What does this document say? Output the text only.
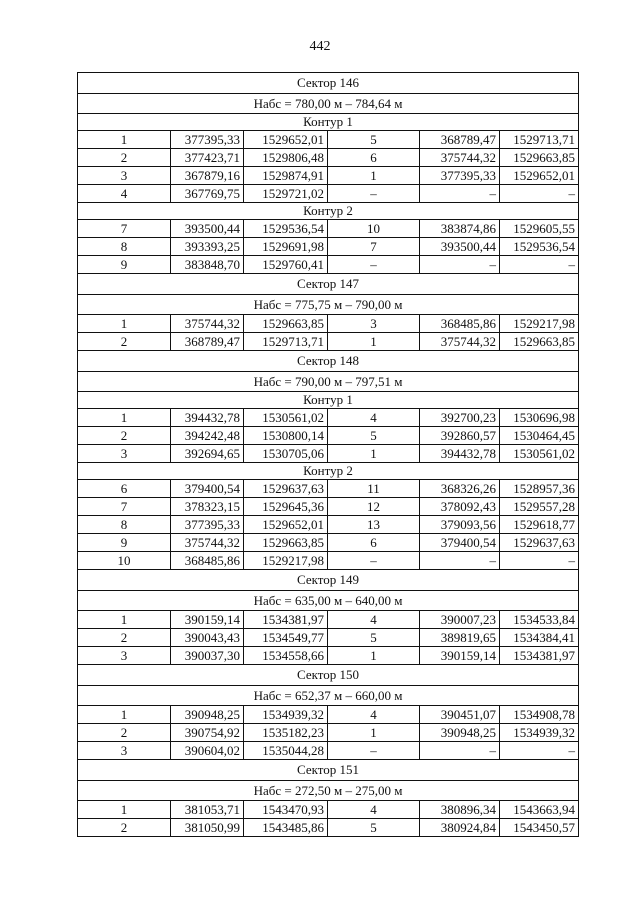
442
Сектор 146					
Набс = 780,00 м – 784,64 м					
Контур 1					
1	377395,33	1529652,01	5	368789,47	1529713,71
2	377423,71	1529806,48	6	375744,32	1529663,85
3	367879,16	1529874,91	1	377395,33	1529652,01
4	367769,75	1529721,02	–	–	–
Контур 2					
7	393500,44	1529536,54	10	383874,86	1529605,55
8	393393,25	1529691,98	7	393500,44	1529536,54
9	383848,70	1529760,41	–	–	–
Сектор 147					
Набс = 775,75 м – 790,00 м					
1	375744,32	1529663,85	3	368485,86	1529217,98
2	368789,47	1529713,71	1	375744,32	1529663,85
Сектор 148					
Набс = 790,00 м – 797,51 м					
Контур 1					
1	394432,78	1530561,02	4	392700,23	1530696,98
2	394242,48	1530800,14	5	392860,57	1530464,45
3	392694,65	1530705,06	1	394432,78	1530561,02
Контур 2					
6	379400,54	1529637,63	11	368326,26	1528957,36
7	378323,15	1529645,36	12	378092,43	1529557,28
8	377395,33	1529652,01	13	379093,56	1529618,77
9	375744,32	1529663,85	6	379400,54	1529637,63
10	368485,86	1529217,98	–	–	–
Сектор 149					
Набс = 635,00 м – 640,00 м					
1	390159,14	1534381,97	4	390007,23	1534533,84
2	390043,43	1534549,77	5	389819,65	1534384,41
3	390037,30	1534558,66	1	390159,14	1534381,97
Сектор 150					
Набс = 652,37 м – 660,00 м					
1	390948,25	1534939,32	4	390451,07	1534908,78
2	390754,92	1535182,23	1	390948,25	1534939,32
3	390604,02	1535044,28	–	–	–
Сектор 151					
Набс = 272,50 м – 275,00 м					
1	381053,71	1543470,93	4	380896,34	1543663,94
2	381050,99	1543485,86	5	380924,84	1543450,57
